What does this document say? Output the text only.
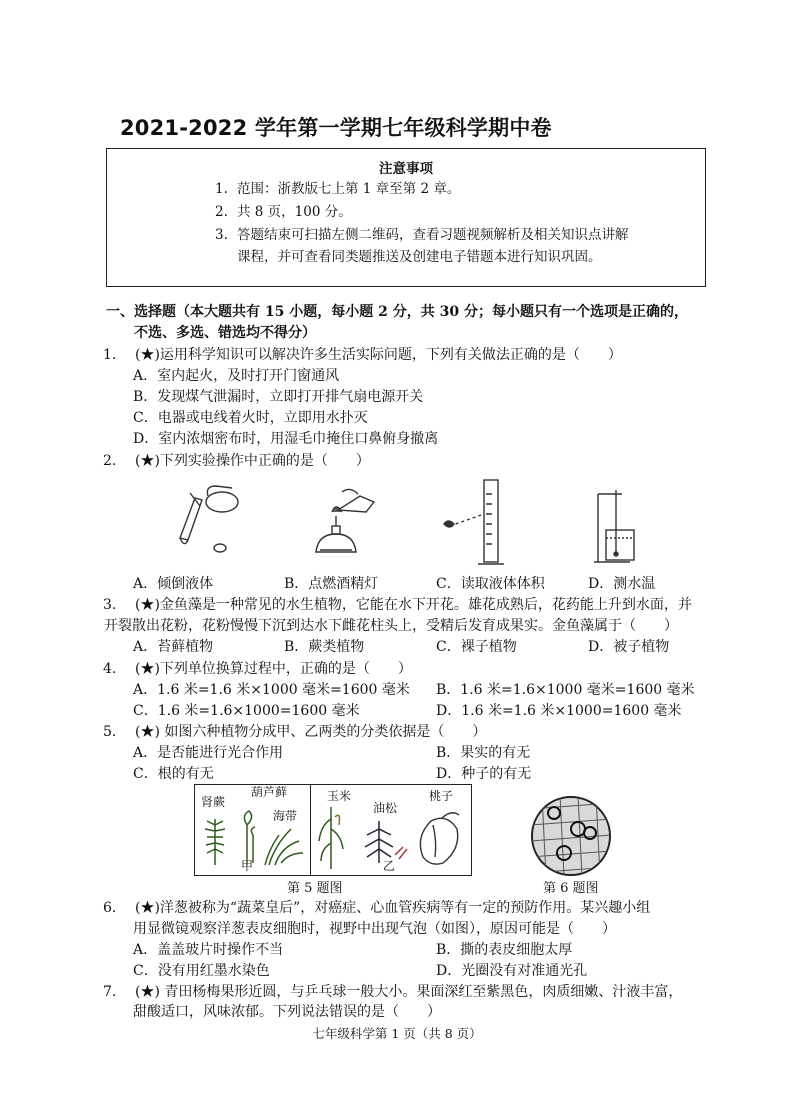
2021-2022 学年第一学期七年级科学期中卷
注意事项
1. 范围：浙教版七上第 1 章至第 2 章。
2. 共 8 页，100 分。
3. 答题结束可扫描左侧二维码，查看习题视频解析及相关知识点讲解
课程，并可查看同类题推送及创建电子错题本进行知识巩固。
一、选择题（本大题共有 15 小题，每小题 2 分，共 30 分；每小题只有一个选项是正确的，
不选、多选、错选均不得分）
1. (★)运用科学知识可以解决许多生活实际问题，下列有关做法正确的是（　　）
A．室内起火，及时打开门窗通风
B．发现煤气泄漏时，立即打开排气扇电源开关
C．电器或电线着火时，立即用水扑灭
D．室内浓烟密布时，用湿毛巾掩住口鼻俯身撤离
2. (★)下列实验操作中正确的是（　　）
A．倾倒液体	B．点燃酒精灯	C．读取液体体积	D．测水温
3. (★)金鱼藻是一种常见的水生植物，它能在水下开花。雄花成熟后，花药能上升到水面，并
开裂散出花粉，花粉慢慢下沉到达水下雌花柱头上，受精后发育成果实。金鱼藻属于（　　）
A．苔藓植物	B．蕨类植物	C．裸子植物	D．被子植物
4. (★)下列单位换算过程中，正确的是（　　）
A．1.6 米=1.6 米×1000 毫米=1600 毫米 B．1.6 米=1.6×1000 毫米=1600 毫米
C．1.6 米=1.6×1000=1600 毫米	D．1.6 米=1.6 米×1000=1600 毫米
5. (★) 如图六种植物分成甲、乙两类的分类依据是（　　）
A．是否能进行光合作用	B．果实的有无
C．根的有无	D．种子的有无
肾蕨
葫芦藓
海带
甲
玉米
油松
桃子
乙
第 5 题图	第 6 题图
6. (★)洋葱被称为“蔬菜皇后”，对癌症、心血管疾病等有一定的预防作用。某兴趣小组
用显微镜观察洋葱表皮细胞时，视野中出现气泡（如图），原因可能是（　　）
A．盖盖玻片时操作不当	B．撕的表皮细胞太厚
C．没有用红墨水染色	D．光圈没有对准通光孔
7. (★) 青田杨梅果形近圆，与乒乓球一般大小。果面深红至紫黑色，肉质细嫩、汁液丰富，
甜酸适口，风味浓郁。下列说法错误的是（　　）
七年级科学第 1 页（共 8 页）
